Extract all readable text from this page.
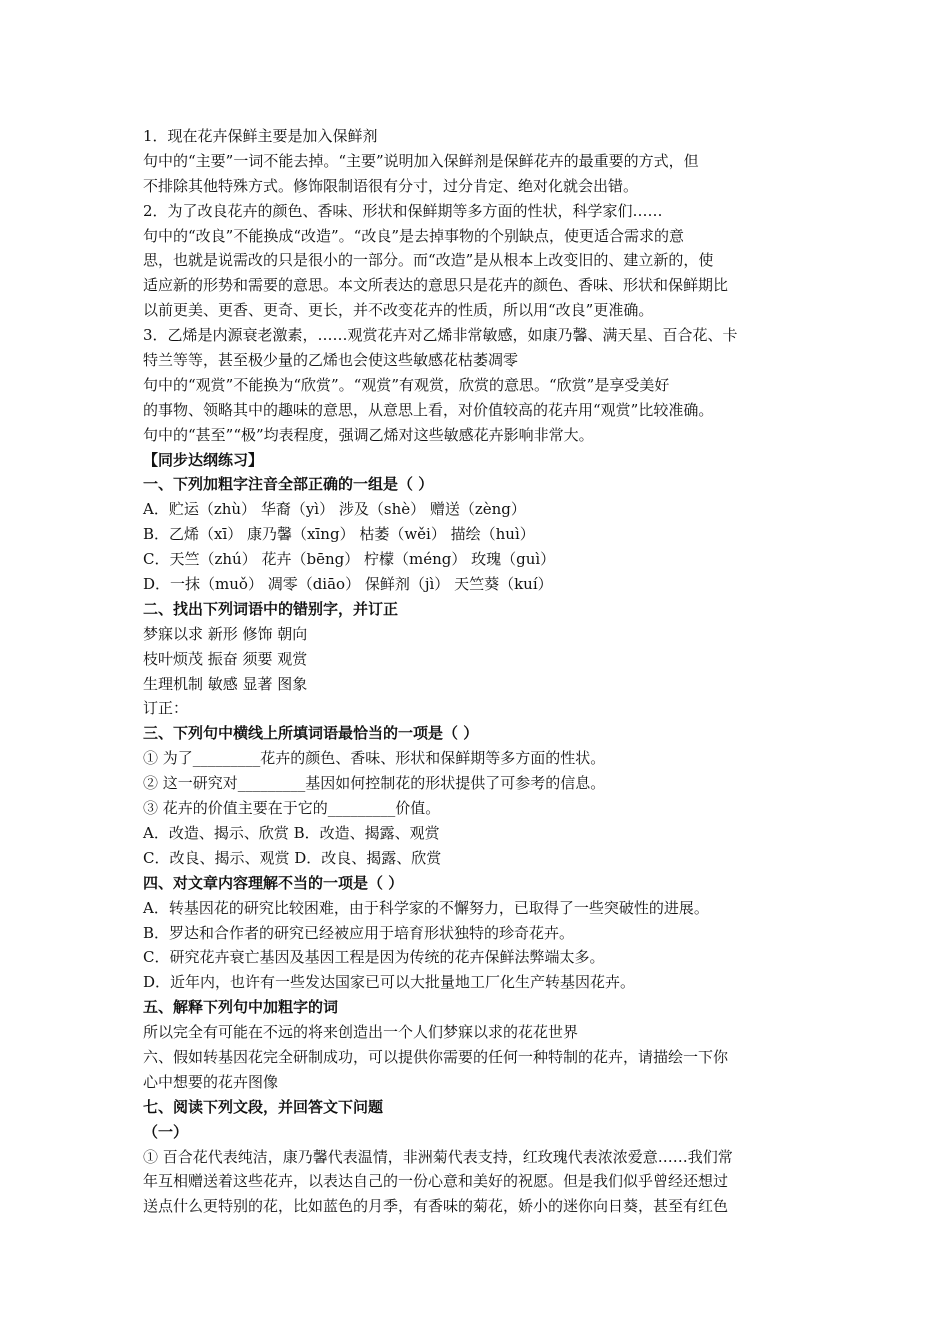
1．现在花卉保鲜主要是加入保鲜剂
句中的“主要”一词不能去掉。“主要”说明加入保鲜剂是保鲜花卉的最重要的方式，但
不排除其他特殊方式。修饰限制语很有分寸，过分肯定、绝对化就会出错。
2．为了改良花卉的颜色、香味、形状和保鲜期等多方面的性状，科学家们……
句中的“改良”不能换成“改造”。“改良”是去掉事物的个别缺点，使更适合需求的意
思，也就是说需改的只是很小的一部分。而“改造”是从根本上改变旧的、建立新的，使
适应新的形势和需要的意思。本文所表达的意思只是花卉的颜色、香味、形状和保鲜期比
以前更美、更香、更奇、更长，并不改变花卉的性质，所以用“改良”更准确。
3．乙烯是内源衰老激素，……观赏花卉对乙烯非常敏感，如康乃馨、满天星、百合花、卡
特兰等等，甚至极少量的乙烯也会使这些敏感花枯萎凋零
句中的“观赏”不能换为“欣赏”。“观赏”有观赏，欣赏的意思。“欣赏”是享受美好
的事物、领略其中的趣味的意思，从意思上看，对价值较高的花卉用“观赏”比较准确。
句中的“甚至”“极”均表程度，强调乙烯对这些敏感花卉影响非常大。
【同步达纲练习】
一、下列加粗字注音全部正确的一组是（ ）
A．贮运（zhù） 华裔（yì） 涉及（shè） 赠送（zèng）
B．乙烯（xī） 康乃馨（xīng） 枯萎（wěi） 描绘（huì）
C．天竺（zhú） 花卉（bēng） 柠檬（méng） 玫瑰（guì）
D．一抹（muǒ） 凋零（diāo） 保鲜剂（jì） 天竺葵（kuí）
二、找出下列词语中的错别字，并订正
梦寐以求 新形 修饰 朝向
枝叶烦茂 振奋 须要 观赏
生理机制 敏感 显著 图象
订正：
三、下列句中横线上所填词语最恰当的一项是（ ）
① 为了_________花卉的颜色、香味、形状和保鲜期等多方面的性状。
② 这一研究对_________基因如何控制花的形状提供了可参考的信息。
③ 花卉的价值主要在于它的_________价值。
A．改造、揭示、欣赏 B．改造、揭露、观赏
C．改良、揭示、观赏 D．改良、揭露、欣赏
四、对文章内容理解不当的一项是（ ）
A．转基因花的研究比较困难，由于科学家的不懈努力，已取得了一些突破性的进展。
B．罗达和合作者的研究已经被应用于培育形状独特的珍奇花卉。
C．研究花卉衰亡基因及基因工程是因为传统的花卉保鲜法弊端太多。
D．近年内，也许有一些发达国家已可以大批量地工厂化生产转基因花卉。
五、解释下列句中加粗字的词
所以完全有可能在不远的将来创造出一个人们梦寐以求的花花世界
六、假如转基因花完全研制成功，可以提供你需要的任何一种特制的花卉，请描绘一下你
心中想要的花卉图像
七、阅读下列文段，并回答文下问题
（一）
① 百合花代表纯洁，康乃馨代表温情，非洲菊代表支持，红玫瑰代表浓浓爱意……我们常
年互相赠送着这些花卉，以表达自己的一份心意和美好的祝愿。但是我们似乎曾经还想过
送点什么更特别的花，比如蓝色的月季，有香味的菊花，娇小的迷你向日葵，甚至有红色
